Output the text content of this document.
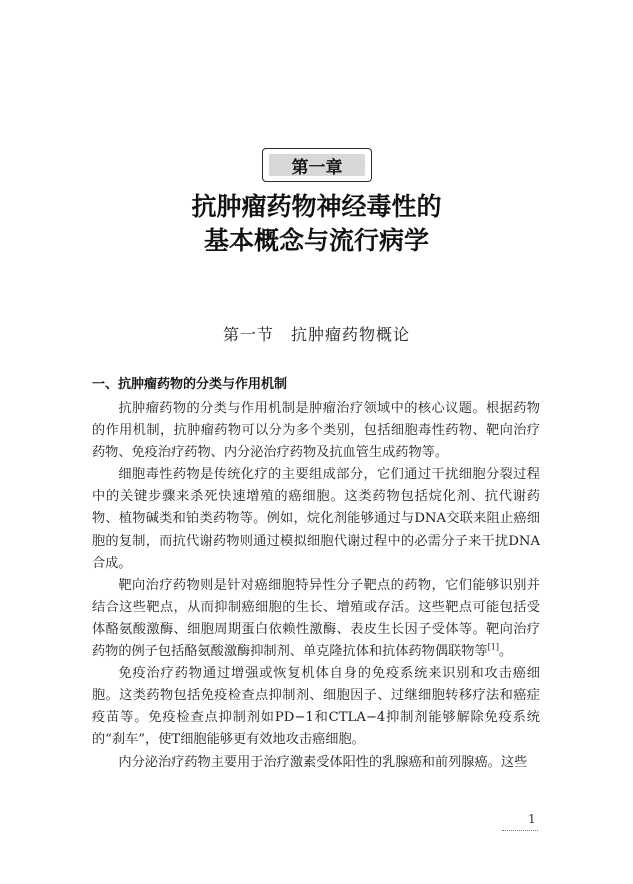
第一章
抗肿瘤药物神经毒性的
基本概念与流行病学
第一节　抗肿瘤药物概论
一、抗肿瘤药物的分类与作用机制

抗肿瘤药物的分类与作用机制是肿瘤治疗领域中的核心议题。根据药物的作用机制，抗肿瘤药物可以分为多个类别，包括细胞毒性药物、靶向治疗药物、免疫治疗药物、内分泌治疗药物及抗血管生成药物等。

细胞毒性药物是传统化疗的主要组成部分，它们通过干扰细胞分裂过程中的关键步骤来杀死快速增殖的癌细胞。这类药物包括烷化剂、抗代谢药物、植物碱类和铂类药物等。例如，烷化剂能够通过与DNA交联来阻止癌细胞的复制，而抗代谢药物则通过模拟细胞代谢过程中的必需分子来干扰DNA合成。

靶向治疗药物则是针对癌细胞特异性分子靶点的药物，它们能够识别并结合这些靶点，从而抑制癌细胞的生长、增殖或存活。这些靶点可能包括受体酪氨酸激酶、细胞周期蛋白依赖性激酶、表皮生长因子受体等。靶向治疗药物的例子包括酪氨酸激酶抑制剂、单克隆抗体和抗体药物偶联物等[1]。

免疫治疗药物通过增强或恢复机体自身的免疫系统来识别和攻击癌细胞。这类药物包括免疫检查点抑制剂、细胞因子、过继细胞转移疗法和癌症疫苗等。免疫检查点抑制剂如PD−1和CTLA−4抑制剂能够解除免疫系统的“刹车”，使T细胞能够更有效地攻击癌细胞。

内分泌治疗药物主要用于治疗激素受体阳性的乳腺癌和前列腺癌。这些

1
